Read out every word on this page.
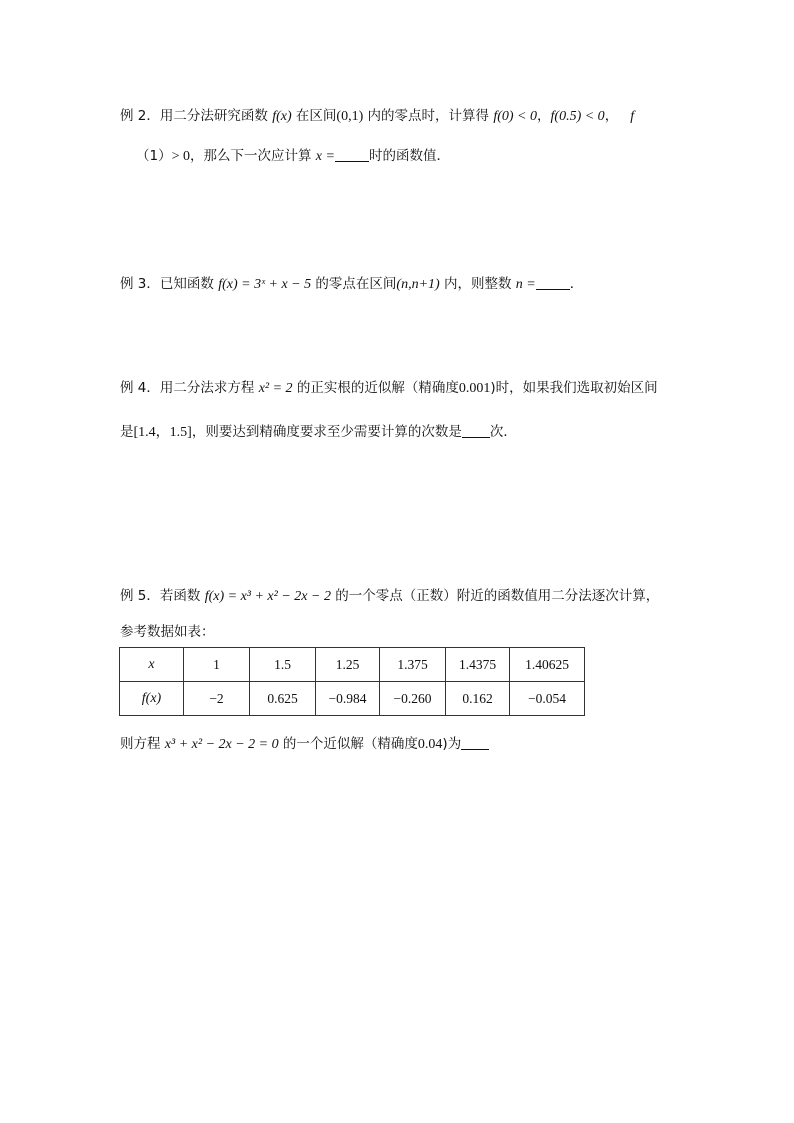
例 2．用二分法研究函数 f(x) 在区间(0,1) 内的零点时，计算得 f(0) < 0，f(0.5) < 0， f
（1）> 0，那么下一次应计算 x =	时的函数值．
例 3．已知函数 f(x) = 3ˣ + x − 5 的零点在区间(n,n+1) 内，则整数 n =	．
例 4．用二分法求方程 x² = 2 的正实根的近似解（精确度0.001)时，如果我们选取初始区间
是[1.4，1.5]，则要达到精确度要求至少需要计算的次数是 次．
例 5．若函数 f(x) = x³ + x² − 2x − 2 的一个零点（正数）附近的函数值用二分法逐次计算，
参考数据如表：
x	1	1.5	1.25	1.375	1.4375	1.40625
f(x)	−2	0.625	−0.984	−0.260	0.162	−0.054
则方程 x³ + x² − 2x − 2 = 0 的一个近似解（精确度0.04)为
